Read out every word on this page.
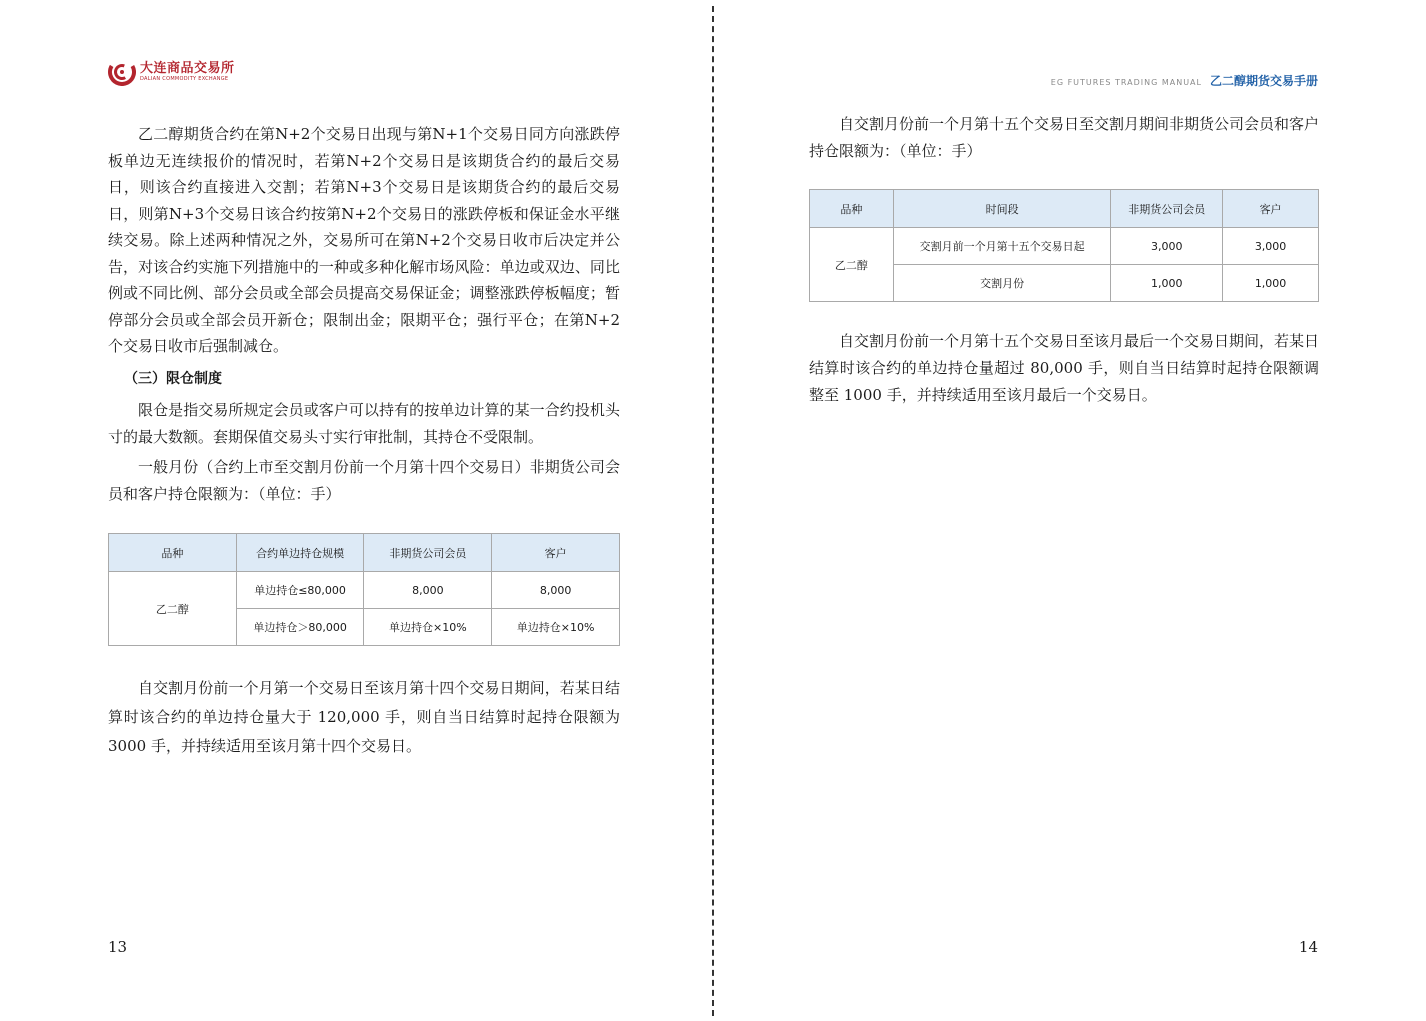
大连商品交易所
DALIAN COMMODITY EXCHANGE

乙二醇期货合约在第N+2个交易日出现与第N+1个交易日同方向涨跌停板单边无连续报价的情况时，若第N+2个交易日是该期货合约的最后交易日，则该合约直接进入交割；若第N+3个交易日是该期货合约的最后交易日，则第N+3个交易日该合约按第N+2个交易日的涨跌停板和保证金水平继续交易。除上述两种情况之外，交易所可在第N+2个交易日收市后决定并公告，对该合约实施下列措施中的一种或多种化解市场风险：单边或双边、同比例或不同比例、部分会员或全部会员提高交易保证金；调整涨跌停板幅度；暂停部分会员或全部会员开新仓；限制出金；限期平仓；强行平仓；在第N+2个交易日收市后强制减仓。

（三）限仓制度

限仓是指交易所规定会员或客户可以持有的按单边计算的某一合约投机头寸的最大数额。套期保值交易头寸实行审批制，其持仓不受限制。

一般月份（合约上市至交割月份前一个月第十四个交易日）非期货公司会员和客户持仓限额为：（单位：手）

品种	合约单边持仓规模	非期货公司会员	客户
乙二醇	单边持仓≤80,000	8,000	8,000
	单边持仓＞80,000	单边持仓×10%	单边持仓×10%

自交割月份前一个月第一个交易日至该月第十四个交易日期间，若某日结算时该合约的单边持仓量大于 120,000 手，则自当日结算时起持仓限额为 3000 手，并持续适用至该月第十四个交易日。

13
EG FUTURES TRADING MANUAL 乙二醇期货交易手册

自交割月份前一个月第十五个交易日至交割月期间非期货公司会员和客户持仓限额为：（单位：手）

品种	时间段	非期货公司会员	客户
乙二醇	交割月前一个月第十五个交易日起	3,000	3,000
	交割月份	1,000	1,000

自交割月份前一个月第十五个交易日至该月最后一个交易日期间，若某日结算时该合约的单边持仓量超过 80,000 手，则自当日结算时起持仓限额调整至 1000 手，并持续适用至该月最后一个交易日。

14
